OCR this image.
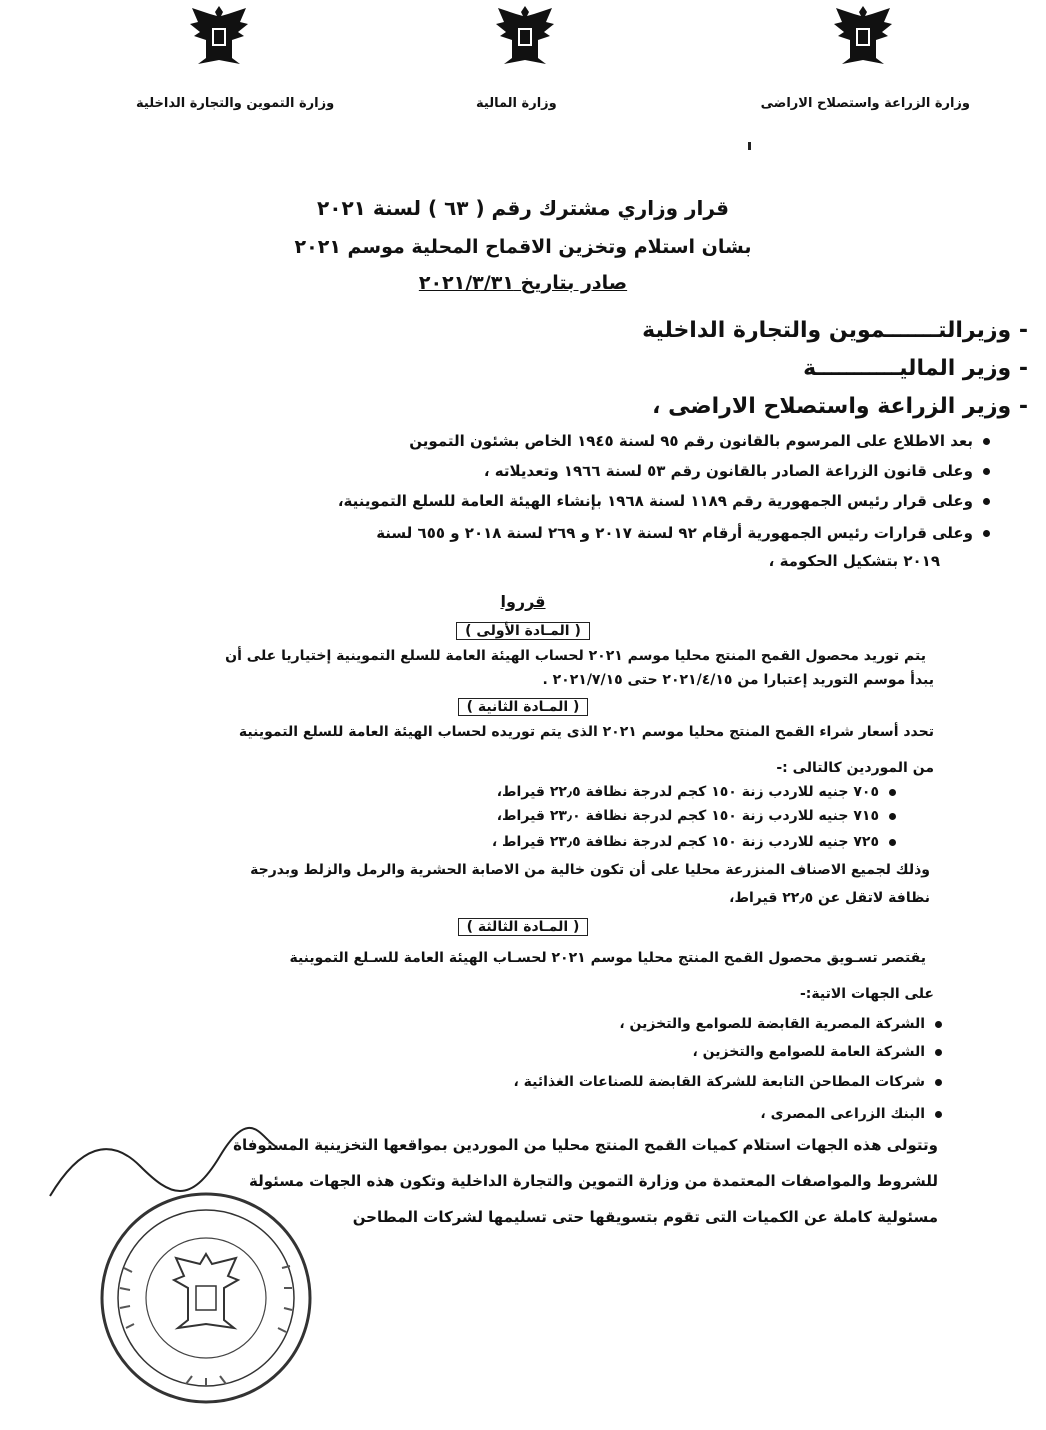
وزارة الزراعة واستصلاح الاراضى
وزارة المالية
وزارة التموين والتجارة الداخلية
قرار وزاري مشترك رقم ( ٦٣ ) لسنة ٢٠٢١
بشان استلام وتخزين الاقماح المحلية موسم ٢٠٢١
صادر بتاريخ ٢٠٢١/٣/٣١
- وزيرالتـــــــموين والتجارة الداخلية
- وزير الماليـــــــــــة
- وزير الزراعة واستصلاح الاراضى ،
بعد الاطلاع على المرسوم بالقانون رقم ٩٥ لسنة ١٩٤٥ الخاص بشئون التموين
وعلى قانون الزراعة الصادر بالقانون رقم ٥٣ لسنة ١٩٦٦ وتعديلاته ،
وعلى قرار رئيس الجمهورية رقم ١١٨٩ لسنة ١٩٦٨ بإنشاء الهيئة العامة للسلع التموينية،
وعلى قرارات رئيس الجمهورية أرقام ٩٢ لسنة ٢٠١٧ و ٢٦٩ لسنة ٢٠١٨ و ٦٥٥ لسنة
٢٠١٩ بتشكيل الحكومة ،
قرروا
( المـادة الأولى )
يتم توريد محصول القمح المنتج محليا موسم ٢٠٢١ لحساب الهيئة العامة للسلع التموينية إختياريا على أن
يبدأ موسم التوريد إعتبارا من ٢٠٢١/٤/١٥ حتى ٢٠٢١/٧/١٥ .
( المـادة الثانية )
تحدد أسعار شراء القمح المنتج محليا موسم ٢٠٢١ الذى يتم توريده لحساب الهيئة العامة للسلع التموينية
من الموردين كالتالى :-
٧٠٥ جنيه للاردب زنة ١٥٠ كجم لدرجة نظافة ٢٢٫٥ قيراط،
٧١٥ جنيه للاردب زنة ١٥٠ كجم لدرجة نظافة ٢٣٫٠ قيراط،
٧٢٥ جنيه للاردب زنة ١٥٠ كجم لدرجة نظافة ٢٣٫٥ قيراط ،
وذلك لجميع الاصناف المنزرعة محليا على أن تكون خالية من الاصابة الحشرية والرمل والزلط وبدرجة
نظافة لاتقل عن ٢٢٫٥ قيراط،
( المـادة الثالثة )
يقتصر تسـويق محصول القمح المنتج محليا موسم ٢٠٢١ لحسـاب الهيئة العامة للسـلع التموينية
على الجهات الاتية:-
الشركة المصرية القابضة للصوامع والتخزين ،
الشركة العامة للصوامع والتخزين ،
شركات المطاحن التابعة للشركة القابضة للصناعات الغذائية ،
البنك الزراعى المصرى ،
وتتولى هذه الجهات استلام كميات القمح المنتج محليا من الموردين بمواقعها التخزينية المستوفاة
للشروط والمواصفات المعتمدة من وزارة التموين والتجارة الداخلية وتكون هذه الجهات مسئولة
مسئولية كاملة عن الكميات التى تقوم بتسويقها حتى تسليمها لشركات المطاحن
